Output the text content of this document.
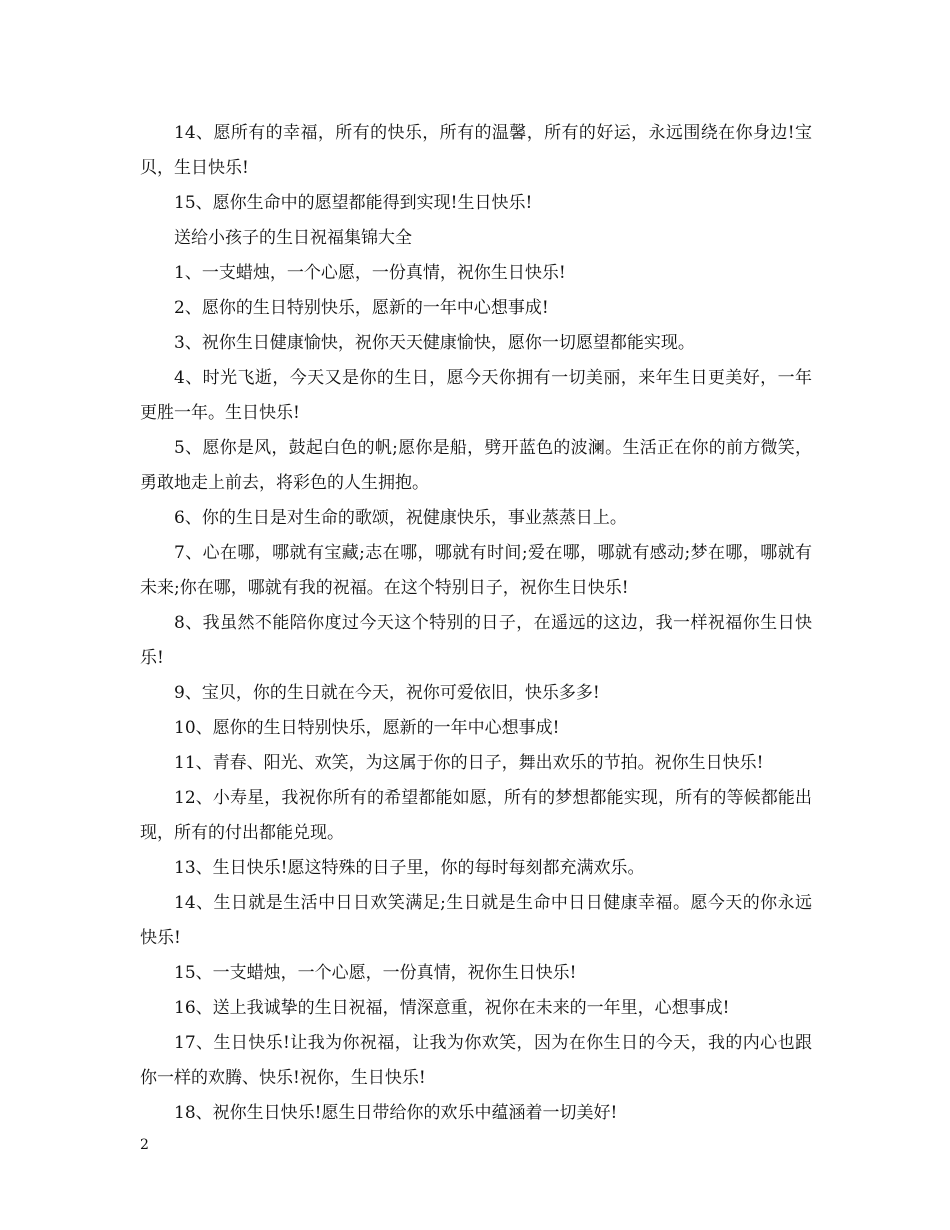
14、愿所有的幸福，所有的快乐，所有的温馨，所有的好运，永远围绕在你身边!宝贝，生日快乐!

15、愿你生命中的愿望都能得到实现!生日快乐!

送给小孩子的生日祝福集锦大全

1、一支蜡烛，一个心愿，一份真情，祝你生日快乐!

2、愿你的生日特别快乐，愿新的一年中心想事成!

3、祝你生日健康愉快，祝你天天健康愉快，愿你一切愿望都能实现。

4、时光飞逝，今天又是你的生日，愿今天你拥有一切美丽，来年生日更美好，一年更胜一年。生日快乐!

5、愿你是风，鼓起白色的帆;愿你是船，劈开蓝色的波澜。生活正在你的前方微笑，勇敢地走上前去，将彩色的人生拥抱。

6、你的生日是对生命的歌颂，祝健康快乐，事业蒸蒸日上。

7、心在哪，哪就有宝藏;志在哪，哪就有时间;爱在哪，哪就有感动;梦在哪，哪就有未来;你在哪，哪就有我的祝福。在这个特别日子，祝你生日快乐!

8、我虽然不能陪你度过今天这个特别的日子，在遥远的这边，我一样祝福你生日快乐!

9、宝贝，你的生日就在今天，祝你可爱依旧，快乐多多!

10、愿你的生日特别快乐，愿新的一年中心想事成!

11、青春、阳光、欢笑，为这属于你的日子，舞出欢乐的节拍。祝你生日快乐!

12、小寿星，我祝你所有的希望都能如愿，所有的梦想都能实现，所有的等候都能出现，所有的付出都能兑现。

13、生日快乐!愿这特殊的日子里，你的每时每刻都充满欢乐。

14、生日就是生活中日日欢笑满足;生日就是生命中日日健康幸福。愿今天的你永远快乐!

15、一支蜡烛，一个心愿，一份真情，祝你生日快乐!

16、送上我诚挚的生日祝福，情深意重，祝你在未来的一年里，心想事成!

17、生日快乐!让我为你祝福，让我为你欢笑，因为在你生日的今天，我的内心也跟你一样的欢腾、快乐!祝你，生日快乐!

18、祝你生日快乐!愿生日带给你的欢乐中蕴涵着一切美好!

2
